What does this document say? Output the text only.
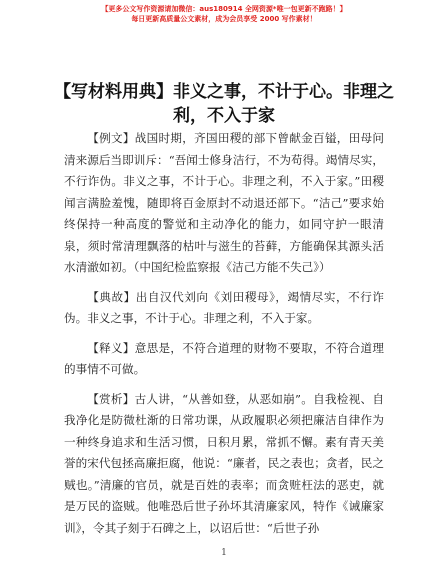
【更多公文写作资源请加微信：aus180914 全网资源*唯一包更新不跑路！】
每日更新高质量公文素材，成为会员享受 2000 写作素材！
【写材料用典】非义之事，不计于心。非理之利，不入于家

【例文】战国时期，齐国田稷的部下曾献金百镒，田母问清来源后当即训斥：“吾闻士修身洁行，不为苟得。竭情尽实，不行诈伪。非义之事，不计于心。非理之利，不入于家。”田稷闻言满脸羞愧，随即将百金原封不动退还部下。“洁己”要求始终保持一种高度的警觉和主动净化的能力，如同守护一眼清泉，须时常清理飘落的枯叶与滋生的苔藓，方能确保其源头活水清澈如初。（中国纪检监察报《洁己方能不失己》）

【典故】出自汉代刘向《刘田稷母》，竭情尽实，不行诈伪。非义之事，不计于心。非理之利，不入于家。

【释义】意思是，不符合道理的财物不要取，不符合道理的事情不可做。

【赏析】古人讲，“从善如登，从恶如崩”。自我检视、自我净化是防微杜渐的日常功课，从政履职必须把廉洁自律作为一种终身追求和生活习惯，日积月累，常抓不懈。素有青天美誉的宋代包拯高廉拒腐，他说：“廉者，民之表也；贪者，民之贼也。”清廉的官员，就是百姓的表率；而贪赃枉法的恶吏，就是万民的盗贼。他唯恐后世子孙坏其清廉家风，特作《诫廉家训》，令其子刻于石碑之上，以诏后世：“后世子孙

1
